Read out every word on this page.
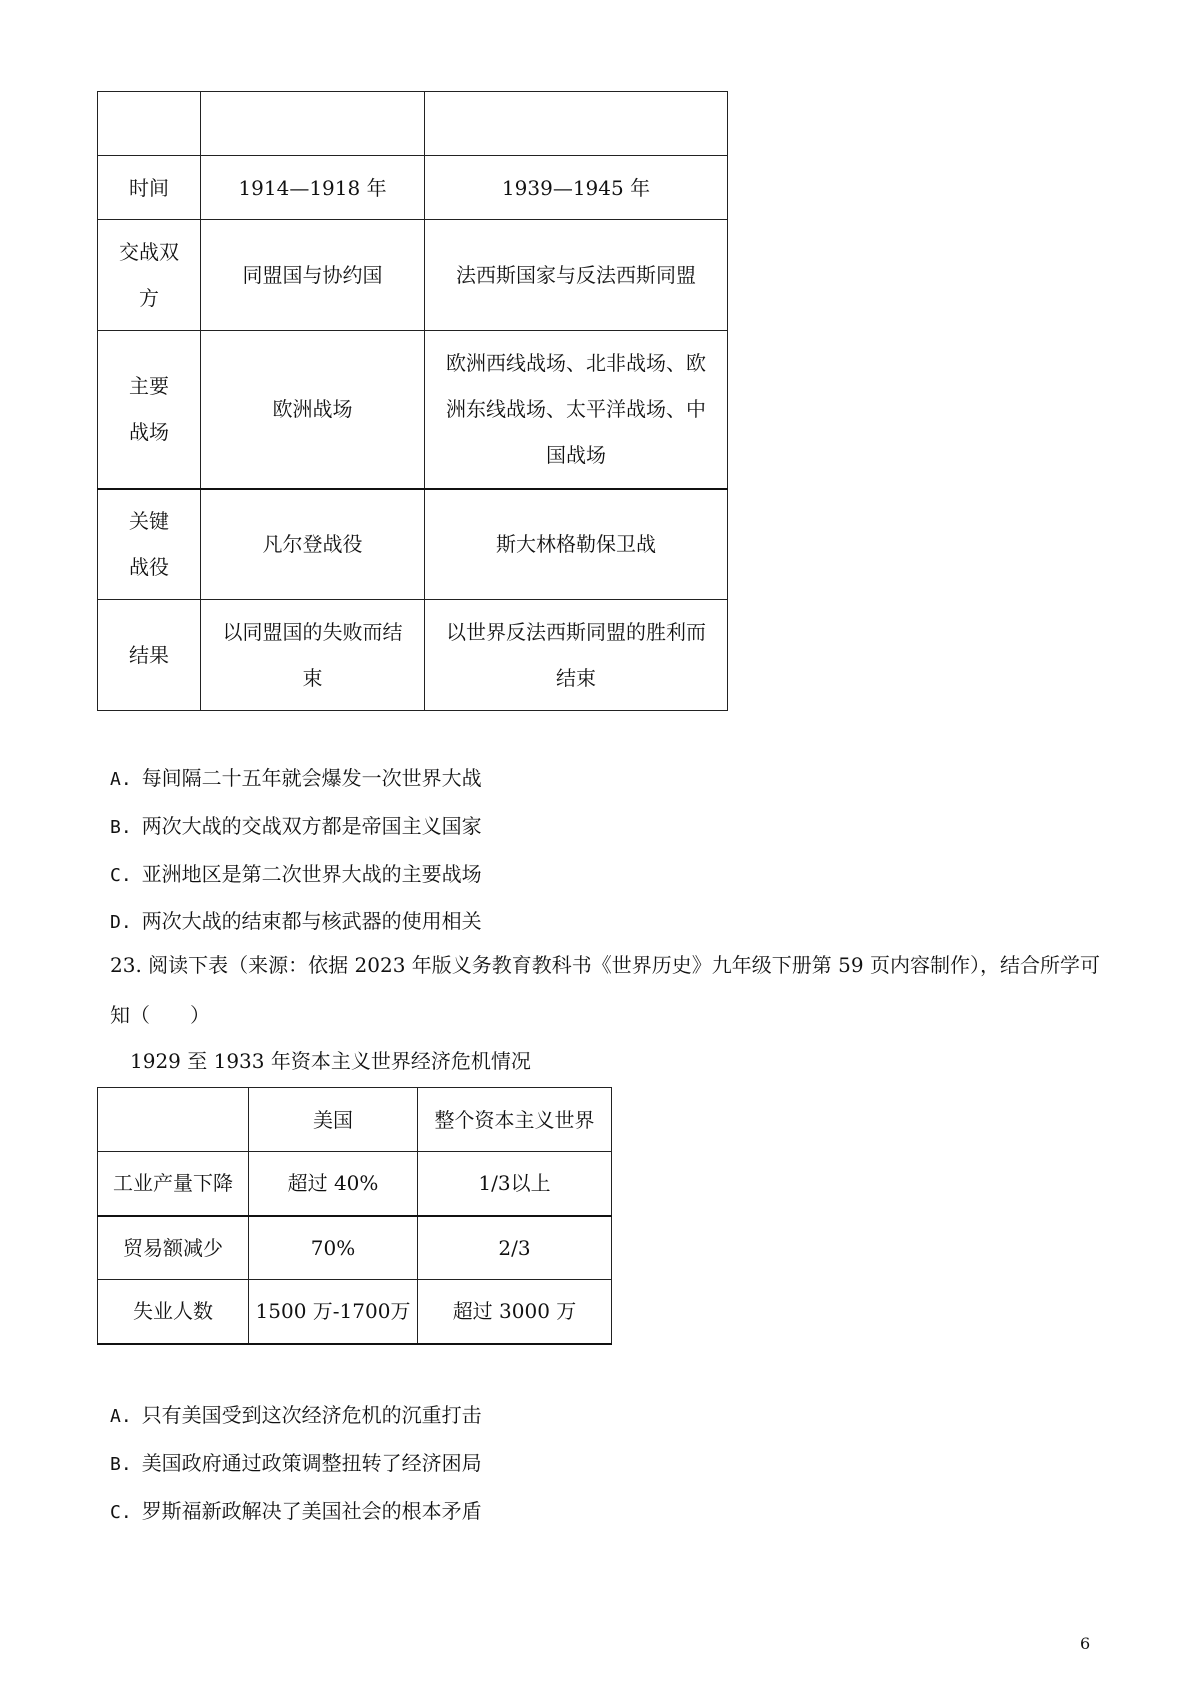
时间	1914—1918 年	1939—1945 年
交战双方	同盟国与协约国	法西斯国家与反法西斯同盟
主要战场	欧洲战场	欧洲西线战场、北非战场、欧洲东线战场、太平洋战场、中国战场
关键战役	凡尔登战役	斯大林格勒保卫战
结果	以同盟国的失败而结束	以世界反法西斯同盟的胜利而结束
A. 每间隔二十五年就会爆发一次世界大战
B. 两次大战的交战双方都是帝国主义国家
C. 亚洲地区是第二次世界大战的主要战场
D. 两次大战的结束都与核武器的使用相关
23. 阅读下表（来源：依据 2023 年版义务教育教科书《世界历史》九年级下册第 59 页内容制作），结合所学可知（　　）
1929 至 1933 年资本主义世界经济危机情况
	美国	整个资本主义世界
工业产量下降	超过 40%	1/3以上
贸易额减少	70%	2/3
失业人数	1500 万-1700万	超过 3000 万
A. 只有美国受到这次经济危机的沉重打击
B. 美国政府通过政策调整扭转了经济困局
C. 罗斯福新政解决了美国社会的根本矛盾
6
